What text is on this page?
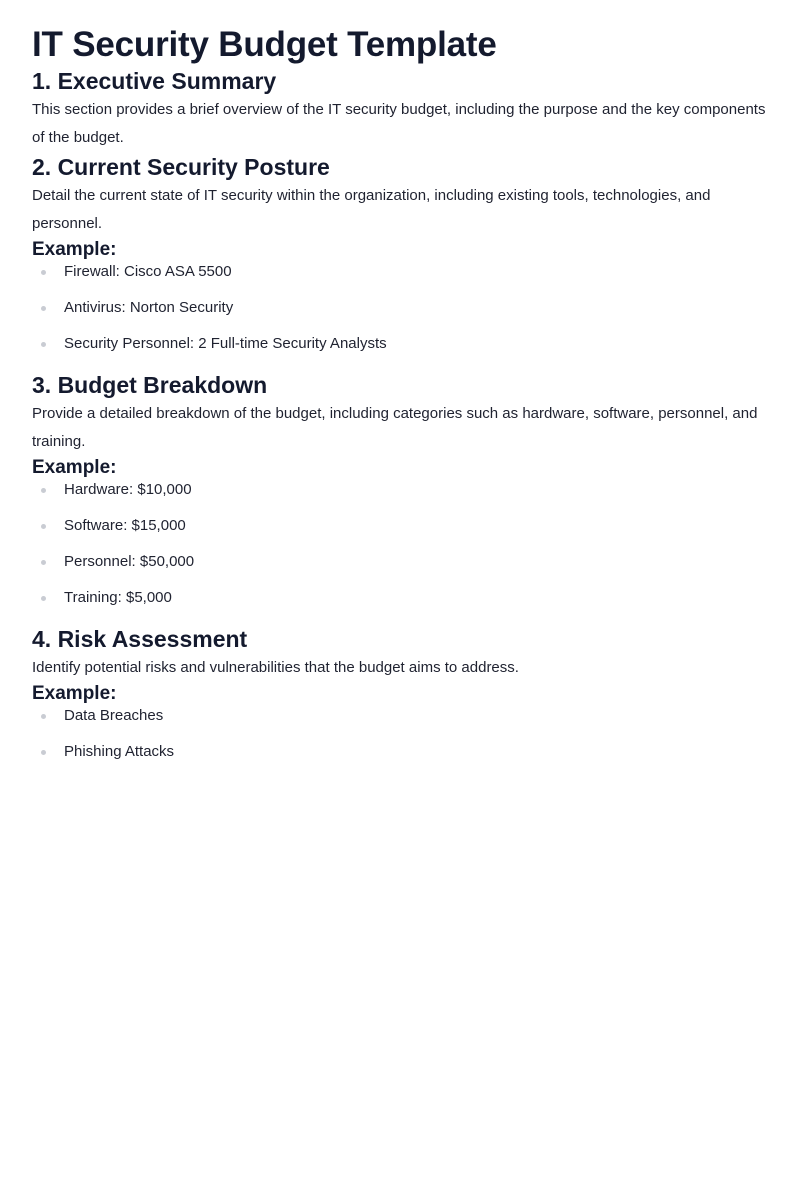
IT Security Budget Template
1. Executive Summary

This section provides a brief overview of the IT security budget, including the purpose and the key components of the budget.

2. Current Security Posture

Detail the current state of IT security within the organization, including existing tools, technologies, and personnel.

Example:
Firewall: Cisco ASA 5500
Antivirus: Norton Security
Security Personnel: 2 Full-time Security Analysts
3. Budget Breakdown

Provide a detailed breakdown of the budget, including categories such as hardware, software, personnel, and training.

Example:
Hardware: $10,000
Software: $15,000
Personnel: $50,000
Training: $5,000
4. Risk Assessment

Identify potential risks and vulnerabilities that the budget aims to address.

Example:
Data Breaches
Phishing Attacks
